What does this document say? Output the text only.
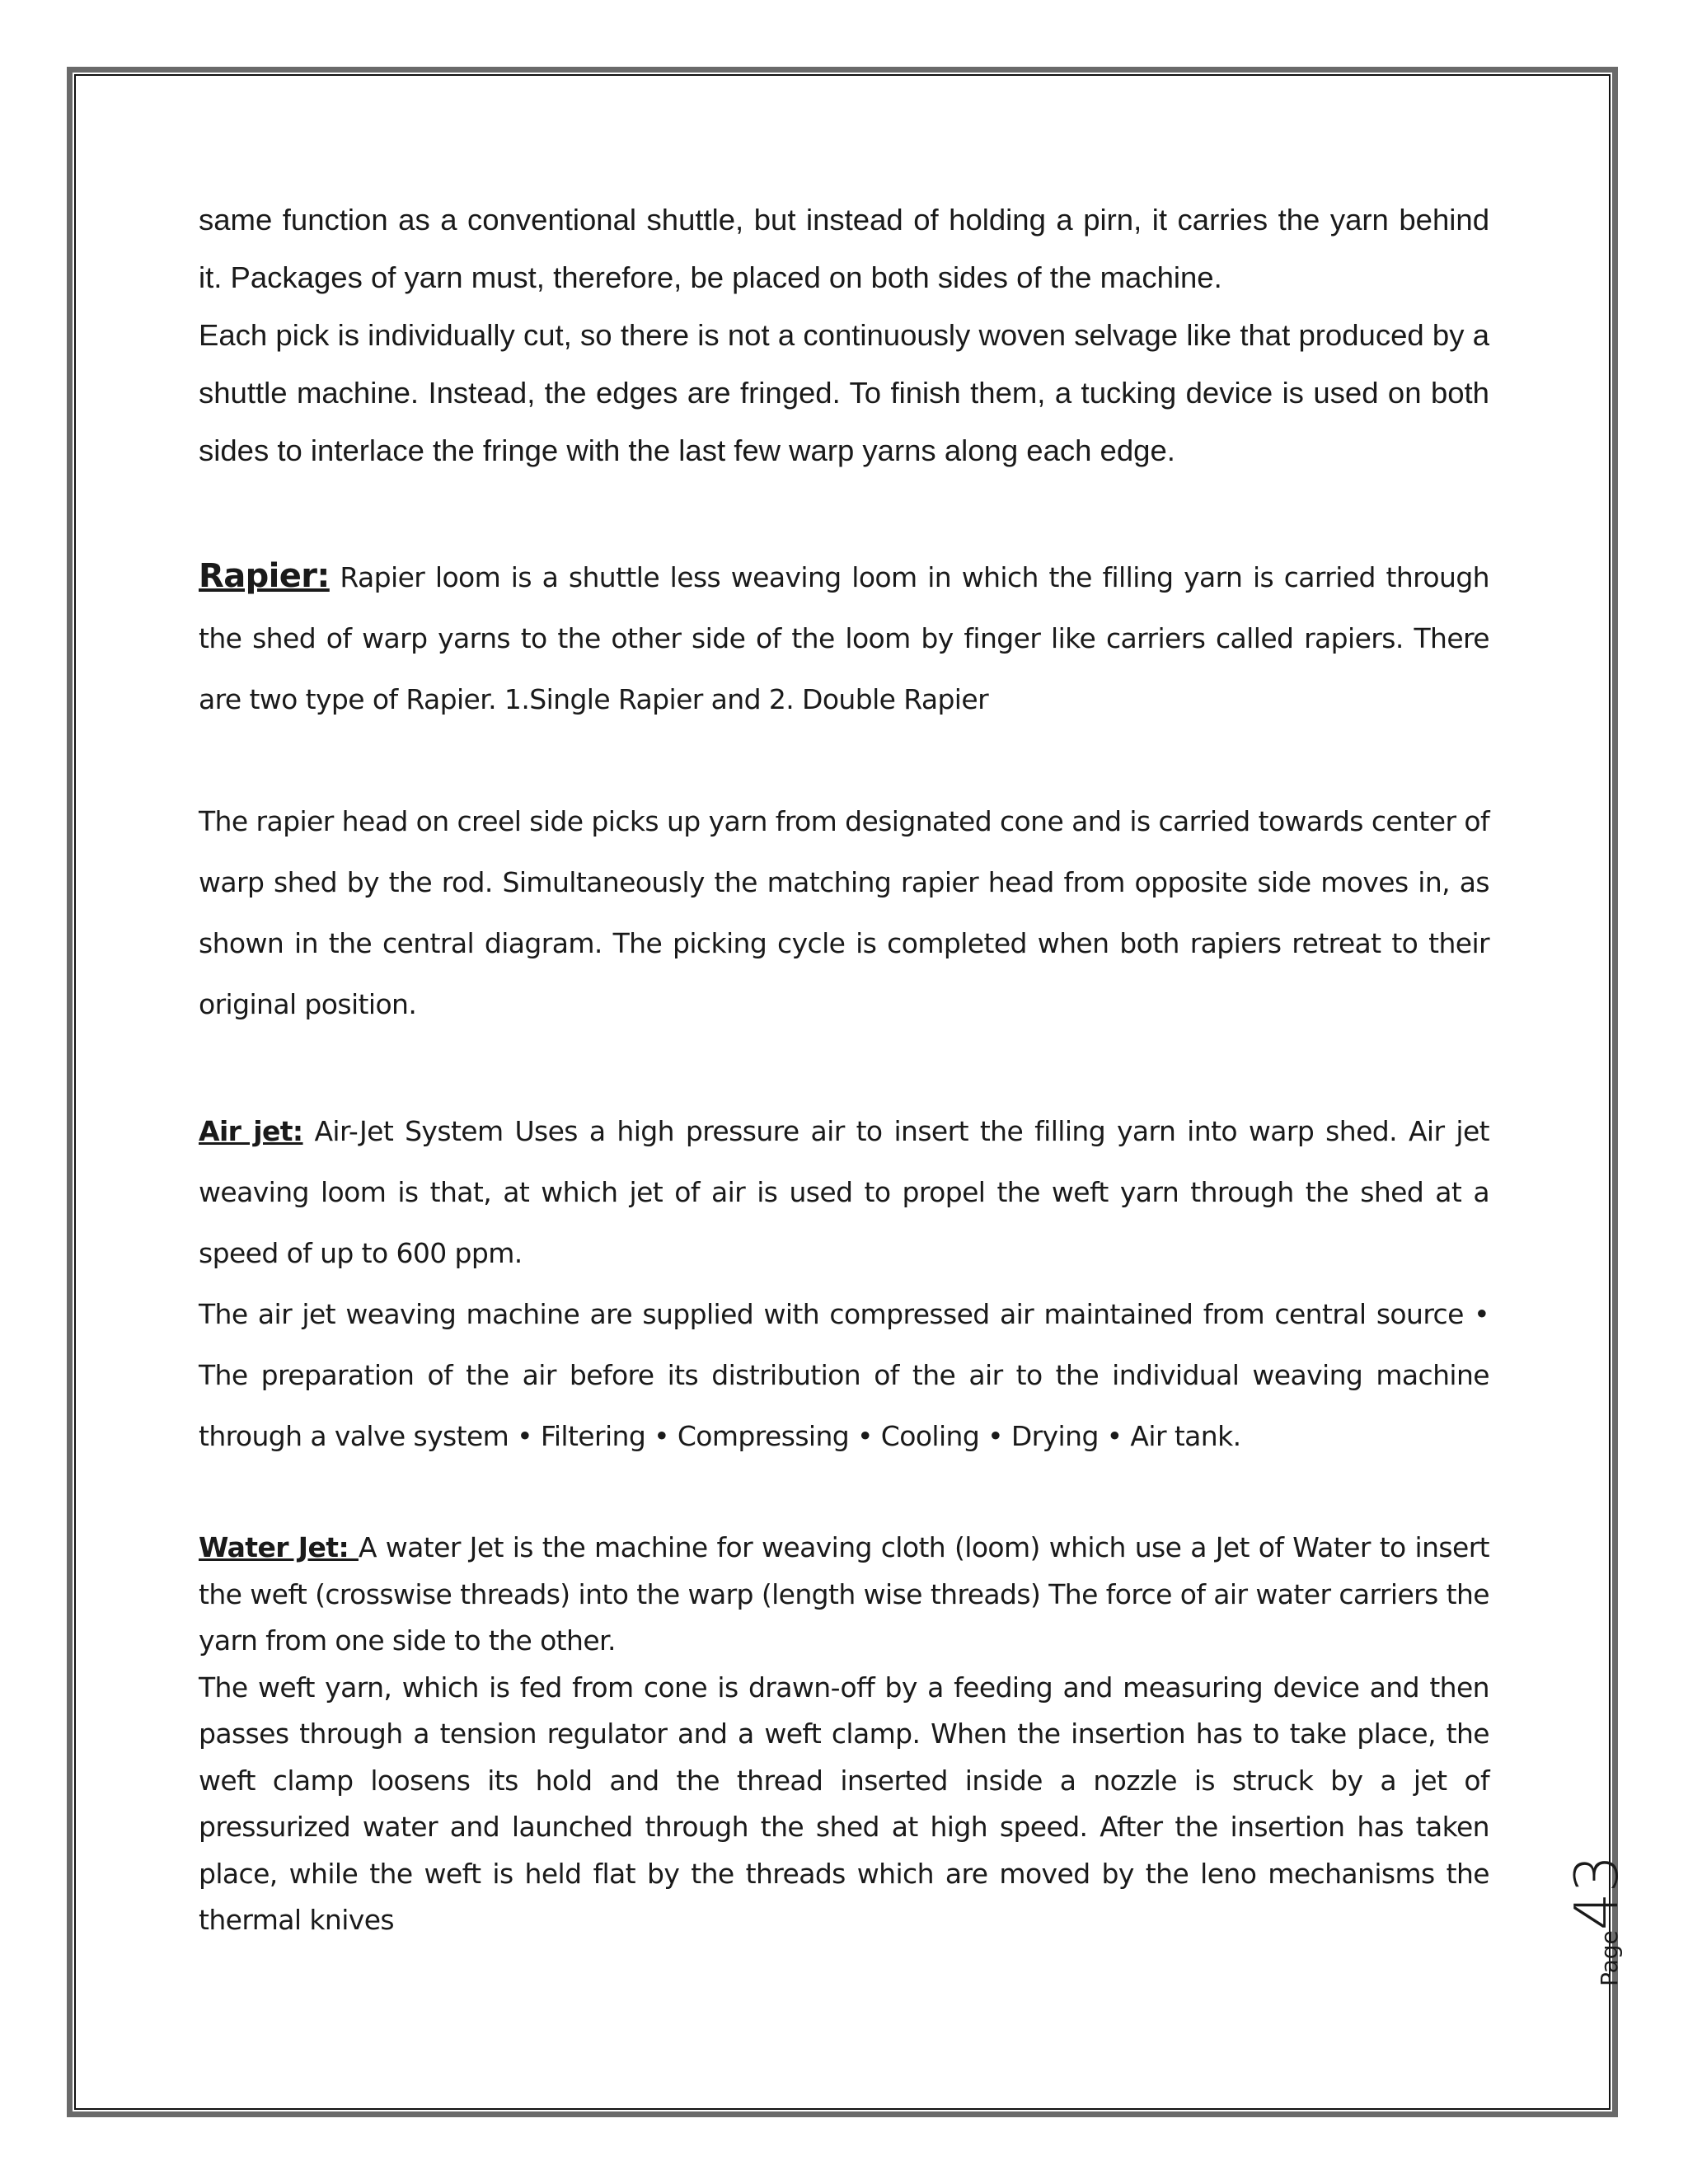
same function as a conventional shuttle, but instead of holding a pirn, it carries the yarn behind it. Packages of yarn must, therefore, be placed on both sides of the machine.

Each pick is individually cut, so there is not a continuously woven selvage like that produced by a shuttle machine. Instead, the edges are fringed. To finish them, a tucking device is used on both sides to interlace the fringe with the last few warp yarns along each edge.

Rapier: Rapier loom is a shuttle less weaving loom in which the filling yarn is carried through the shed of warp yarns to the other side of the loom by finger like carriers called rapiers. There are two type of Rapier. 1.Single Rapier and 2. Double Rapier

The rapier head on creel side picks up yarn from designated cone and is carried towards center of warp shed by the rod. Simultaneously the matching rapier head from opposite side moves in, as shown in the central diagram. The picking cycle is completed when both rapiers retreat to their original position.

Air jet: Air-Jet System Uses a high pressure air to insert the filling yarn into warp shed. Air jet weaving loom is that, at which jet of air is used to propel the weft yarn through the shed at a speed of up to 600 ppm.

The air jet weaving machine are supplied with compressed air maintained from central source • The preparation of the air before its distribution of the air to the individual weaving machine through a valve system • Filtering • Compressing • Cooling • Drying • Air tank.

Water Jet: A water Jet is the machine for weaving cloth (loom) which use a Jet of Water to insert the weft (crosswise threads) into the warp (length wise threads) The force of air water carriers the yarn from one side to the other.

The weft yarn, which is fed from cone is drawn-off by a feeding and measuring device and then passes through a tension regulator and a weft clamp. When the insertion has to take place, the weft clamp loosens its hold and the thread inserted inside a nozzle is struck by a jet of pressurized water and launched through the shed at high speed. After the insertion has taken place, while the weft is held flat by the threads which are moved by the leno mechanisms the thermal knives

Page43
